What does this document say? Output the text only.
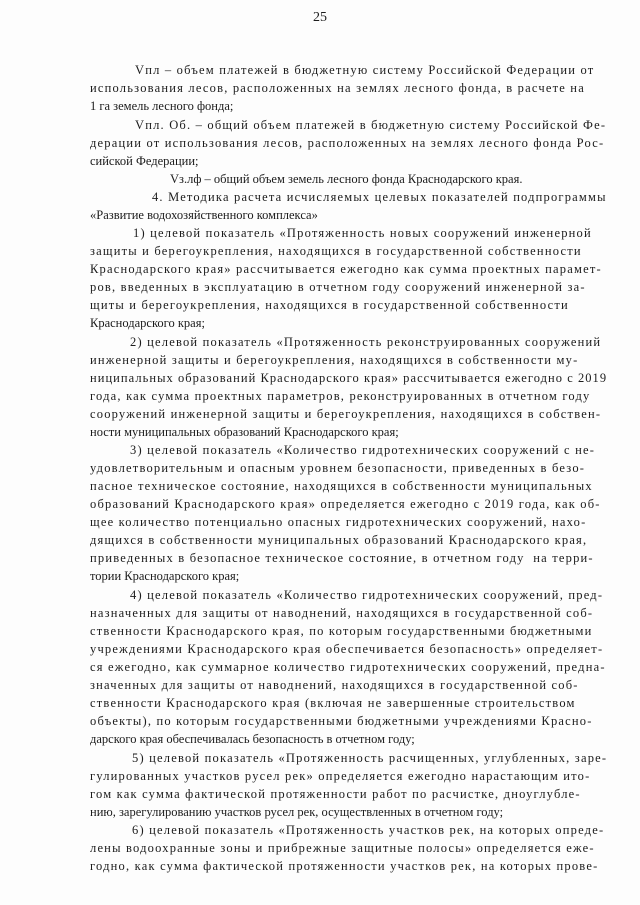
25
Vпл – объем платежей в бюджетную систему Российской Федерации от
использования лесов, расположенных на землях лесного фонда, в расчете на
1 га земель лесного фонда;
Vпл. Об. – общий объем платежей в бюджетную систему Российской Фе-
дерации от использования лесов, расположенных на землях лесного фонда Рос-
сийской Федерации;
Vз.лф – общий объем земель лесного фонда Краснодарского края.
4. Методика расчета исчисляемых целевых показателей подпрограммы
«Развитие водохозяйственного комплекса»
1) целевой показатель «Протяженность новых сооружений инженерной
защиты и берегоукрепления, находящихся в государственной собственности
Краснодарского края» рассчитывается ежегодно как сумма проектных парамет-
ров, введенных в эксплуатацию в отчетном году сооружений инженерной за-
щиты и берегоукрепления, находящихся в государственной собственности
Краснодарского края;
2) целевой показатель «Протяженность реконструированных сооружений
инженерной защиты и берегоукрепления, находящихся в собственности му-
ниципальных образований Краснодарского края» рассчитывается ежегодно с 2019
года, как сумма проектных параметров, реконструированных в отчетном году
сооружений инженерной защиты и берегоукрепления, находящихся в собствен-
ности муниципальных образований Краснодарского края;
3) целевой показатель «Количество гидротехнических сооружений с не-
удовлетворительным и опасным уровнем безопасности, приведенных в безо-
пасное техническое состояние, находящихся в собственности муниципальных
образований Краснодарского края» определяется ежегодно с 2019 года, как об-
щее количество потенциально опасных гидротехнических сооружений, нахо-
дящихся в собственности муниципальных образований Краснодарского края,
приведенных в безопасное техническое состояние, в отчетном году  на терри-
тории Краснодарского края;
4) целевой показатель «Количество гидротехнических сооружений, пред-
назначенных для защиты от наводнений, находящихся в государственной соб-
ственности Краснодарского края, по которым государственными бюджетными
учреждениями Краснодарского края обеспечивается безопасность» определяет-
ся ежегодно, как суммарное количество гидротехнических сооружений, предна-
значенных для защиты от наводнений, находящихся в государственной соб-
ственности Краснодарского края (включая не завершенные строительством
объекты), по которым государственными бюджетными учреждениями Красно-
дарского края обеспечивалась безопасность в отчетном году;
5) целевой показатель «Протяженность расчищенных, углубленных, заре-
гулированных участков русел рек» определяется ежегодно нарастающим ито-
гом как сумма фактической протяженности работ по расчистке, дноуглубле-
нию, зарегулированию участков русел рек, осуществленных в отчетном году;
6) целевой показатель «Протяженность участков рек, на которых опреде-
лены водоохранные зоны и прибрежные защитные полосы» определяется еже-
годно, как сумма фактической протяженности участков рек, на которых прове-
